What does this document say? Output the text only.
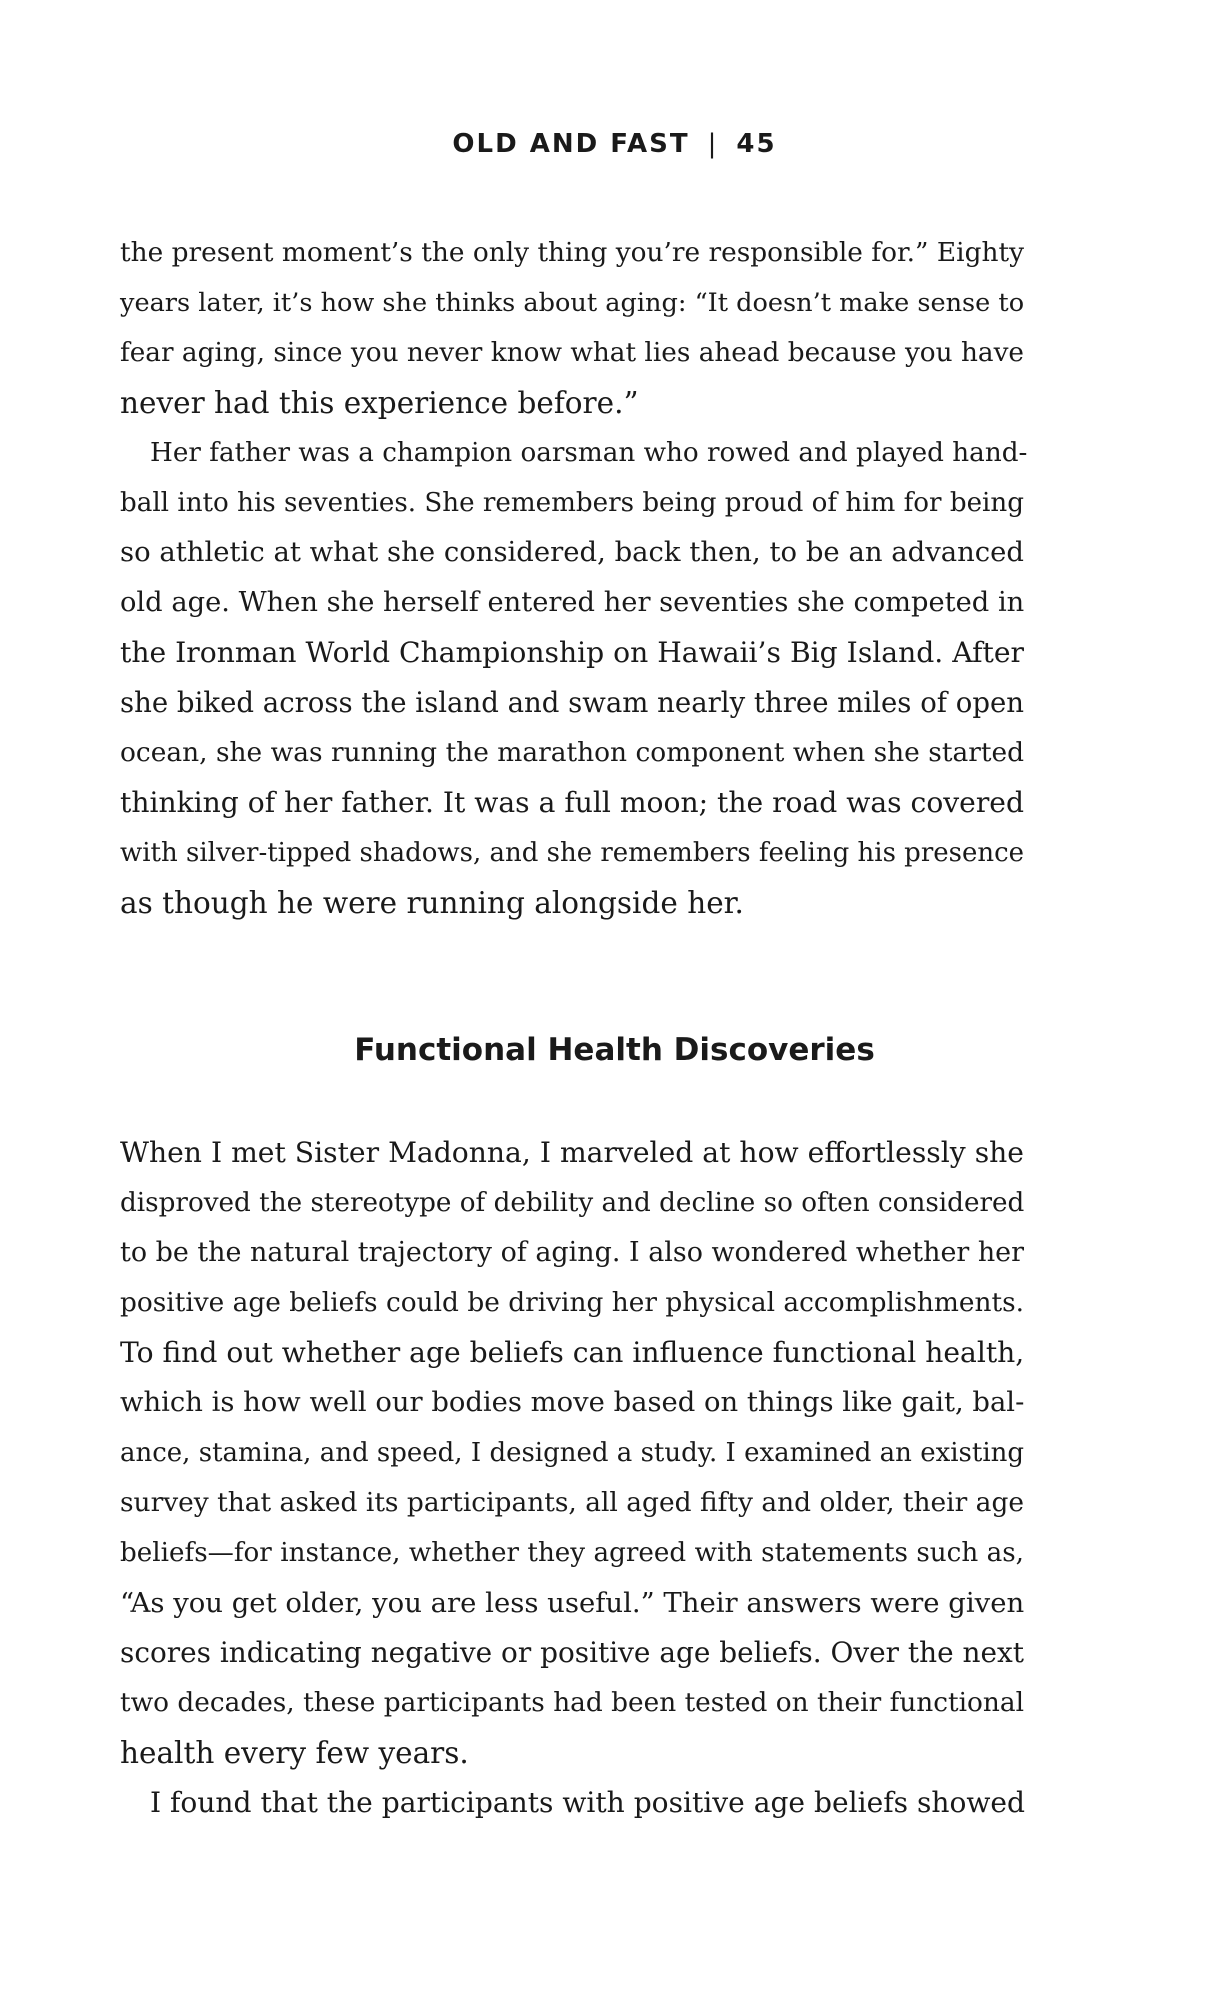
OLD AND FAST | 45
the present moment’s the only thing you’re responsible for.” Eighty
years later, it’s how she thinks about aging: “It doesn’t make sense to
fear aging, since you never know what lies ahead because you have
never had this experience before.”
Her father was a champion oarsman who rowed and played hand-
ball into his seventies. She remembers being proud of him for being
so athletic at what she considered, back then, to be an advanced
old age. When she herself entered her seventies she competed in
the Ironman World Championship on Hawaii’s Big Island. After
she biked across the island and swam nearly three miles of open
ocean, she was running the marathon component when she started
thinking of her father. It was a full moon; the road was covered
with silver-tipped shadows, and she remembers feeling his presence
as though he were running alongside her.
Functional Health Discoveries
When I met Sister Madonna, I marveled at how effortlessly she
disproved the stereotype of debility and decline so often considered
to be the natural trajectory of aging. I also wondered whether her
positive age beliefs could be driving her physical accomplishments.
To find out whether age beliefs can influence functional health,
which is how well our bodies move based on things like gait, bal-
ance, stamina, and speed, I designed a study. I examined an existing
survey that asked its participants, all aged fifty and older, their age
beliefs—for instance, whether they agreed with statements such as,
“As you get older, you are less useful.” Their answers were given
scores indicating negative or positive age beliefs. Over the next
two decades, these participants had been tested on their functional
health every few years.
I found that the participants with positive age beliefs showed
